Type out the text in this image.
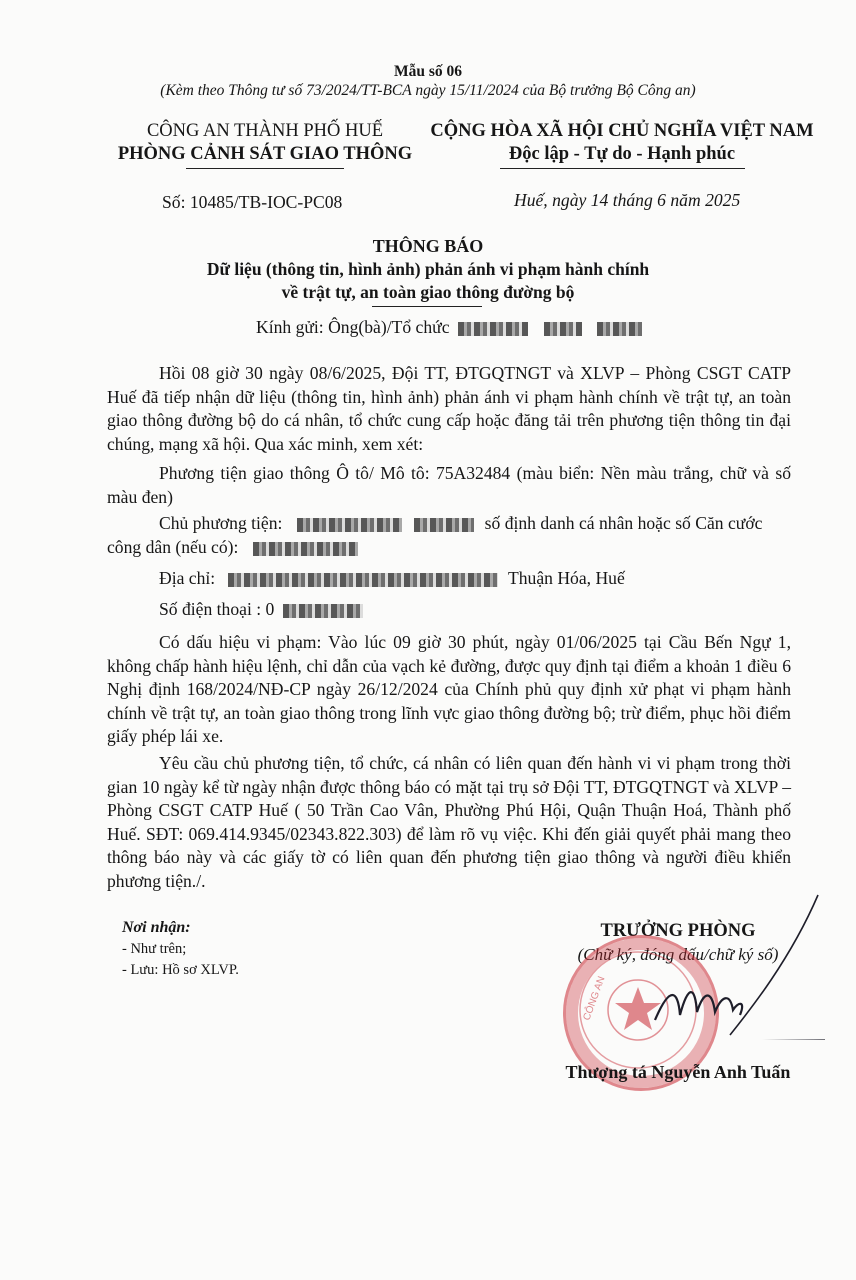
Mẫu số 06
(Kèm theo Thông tư số 73/2024/TT-BCA ngày 15/11/2024 của Bộ trưởng Bộ Công an)
CÔNG AN THÀNH PHỐ HUẾ
PHÒNG CẢNH SÁT GIAO THÔNG
CỘNG HÒA XÃ HỘI CHỦ NGHĨA VIỆT NAM
Độc lập - Tự do - Hạnh phúc
Số: 10485/TB-IOC-PC08	Huế, ngày 14 tháng 6 năm 2025
THÔNG BÁO
Dữ liệu (thông tin, hình ảnh) phản ánh vi phạm hành chính
về trật tự, an toàn giao thông đường bộ
Kính gửi: Ông(bà)/Tổ chức
Hồi 08 giờ 30 ngày 08/6/2025, Đội TT, ĐTGQTNGT và XLVP – Phòng CSGT CATP Huế đã tiếp nhận dữ liệu (thông tin, hình ảnh) phản ánh vi phạm hành chính về trật tự, an toàn giao thông đường bộ do cá nhân, tổ chức cung cấp hoặc đăng tải trên phương tiện thông tin đại chúng, mạng xã hội. Qua xác minh, xem xét:
Phương tiện giao thông Ô tô/ Mô tô: 75A32484 (màu biển: Nền màu trắng, chữ và số màu đen)
Chủ phương tiện:	số định danh cá nhân hoặc số Căn cước
công dân (nếu có):
Địa chỉ:	Thuận Hóa, Huế
Số điện thoại : 0
Có dấu hiệu vi phạm: Vào lúc 09 giờ 30 phút, ngày 01/06/2025 tại Cầu Bến Ngự 1, không chấp hành hiệu lệnh, chỉ dẫn của vạch kẻ đường, được quy định tại điểm a khoản 1 điều 6 Nghị định 168/2024/NĐ-CP ngày 26/12/2024 của Chính phủ quy định xử phạt vi phạm hành chính về trật tự, an toàn giao thông trong lĩnh vực giao thông đường bộ; trừ điểm, phục hồi điểm giấy phép lái xe.
Yêu cầu chủ phương tiện, tổ chức, cá nhân có liên quan đến hành vi vi phạm trong thời gian 10 ngày kể từ ngày nhận được thông báo có mặt tại trụ sở Đội TT, ĐTGQTNGT và XLVP – Phòng CSGT CATP Huế ( 50 Trần Cao Vân, Phường Phú Hội, Quận Thuận Hoá, Thành phố Huế. SĐT: 069.414.9345/02343.822.303) để làm rõ vụ việc. Khi đến giải quyết phải mang theo thông báo này và các giấy tờ có liên quan đến phương tiện giao thông và người điều khiển phương tiện./.
Nơi nhận:
- Như trên;
- Lưu: Hồ sơ XLVP.
TRƯỞNG PHÒNG
(Chữ ký, đóng dấu/chữ ký số)
CÔNG AN
Thượng tá Nguyễn Anh Tuấn
